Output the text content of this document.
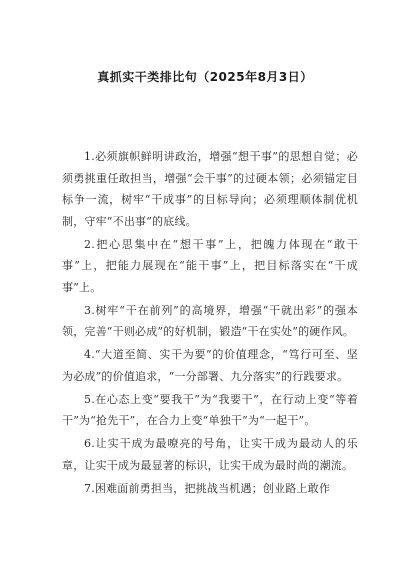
真抓实干类排比句（2025年8月3日）

1.必须旗帜鲜明讲政治，增强“想干事”的思想自觉；必须勇挑重任敢担当，增强“会干事”的过硬本领；必须锚定目标争一流，树牢“干成事”的目标导向；必须理顺体制优机制，守牢“不出事”的底线。

2.把心思集中在“想干事”上，把魄力体现在“敢干事”上，把能力展现在“能干事”上，把目标落实在“干成事”上。

3.树牢“干在前列”的高境界，增强“干就出彩”的强本领，完善“干则必成”的好机制，锻造“干在实处”的硬作风。

4.“大道至简、实干为要”的价值理念，“笃行可至、坚为必成”的价值追求，“一分部署、九分落实”的行践要求。

5.在心态上变“要我干”为“我要干”，在行动上变“等着干”为“抢先干”，在合力上变“单独干”为“一起干”。

6.让实干成为最嘹亮的号角，让实干成为最动人的乐章，让实干成为最显著的标识，让实干成为最时尚的潮流。

7.困难面前勇担当，把挑战当机遇；创业路上敢作
